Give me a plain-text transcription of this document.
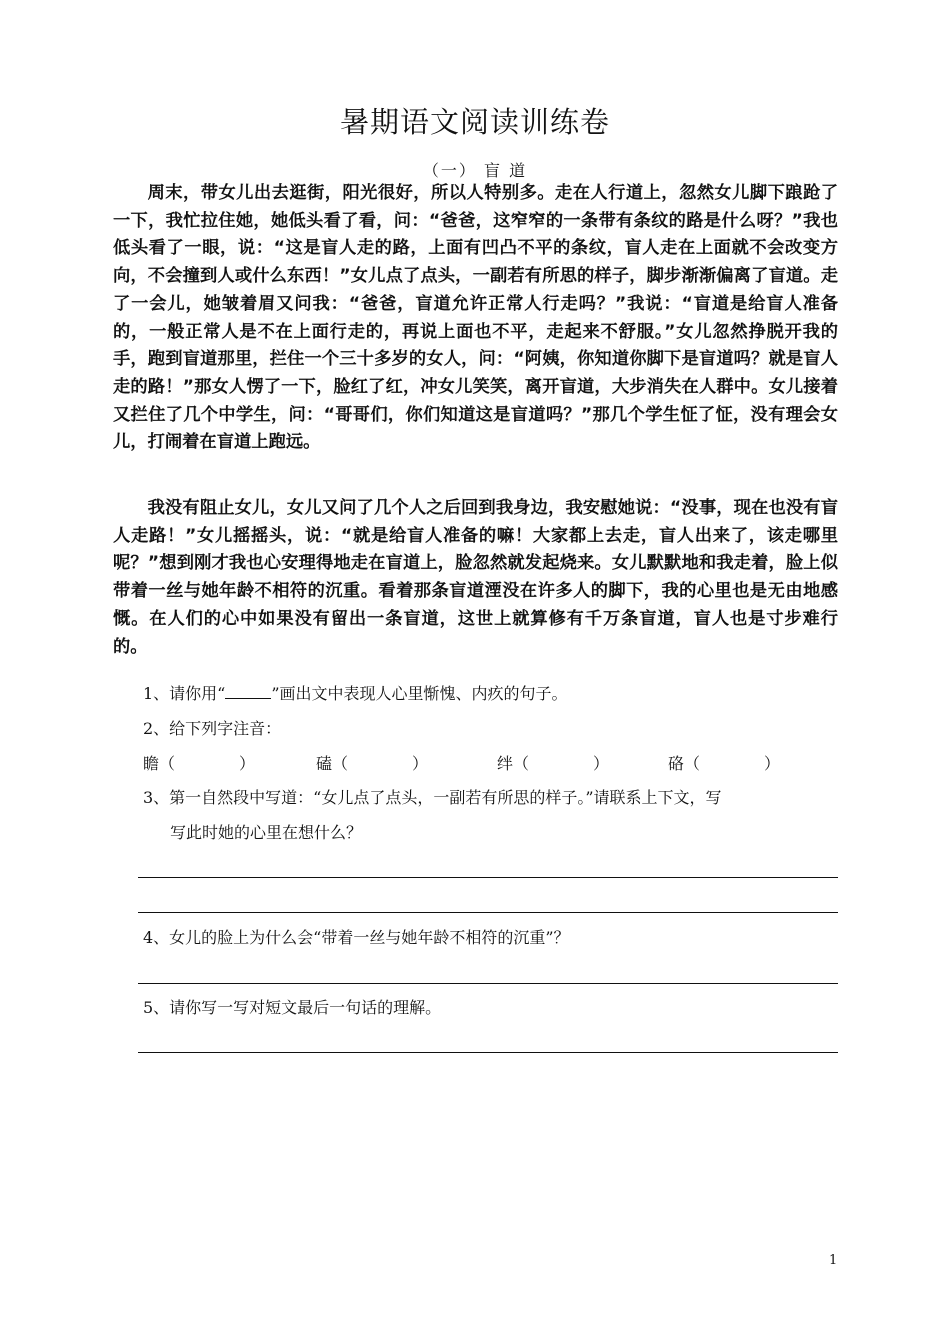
暑期语文阅读训练卷
（一） 盲 道

周末，带女儿出去逛街，阳光很好，所以人特别多。走在人行道上，忽然女儿脚下踉跄了一下，我忙拉住她，她低头看了看，问：“爸爸，这窄窄的一条带有条纹的路是什么呀？”我也低头看了一眼，说：“这是盲人走的路，上面有凹凸不平的条纹，盲人走在上面就不会改变方向，不会撞到人或什么东西！”女儿点了点头，一副若有所思的样子，脚步渐渐偏离了盲道。走了一会儿，她皱着眉又问我：“爸爸，盲道允许正常人行走吗？”我说：“盲道是给盲人准备的，一般正常人是不在上面行走的，再说上面也不平，走起来不舒服。”女儿忽然挣脱开我的手，跑到盲道那里，拦住一个三十多岁的女人，问：“阿姨，你知道你脚下是盲道吗？就是盲人走的路！”那女人愣了一下，脸红了红，冲女儿笑笑，离开盲道，大步消失在人群中。女儿接着又拦住了几个中学生，问：“哥哥们，你们知道这是盲道吗？”那几个学生怔了怔，没有理会女儿，打闹着在盲道上跑远。

我没有阻止女儿，女儿又问了几个人之后回到我身边，我安慰她说：“没事，现在也没有盲人走路！”女儿摇摇头，说：“就是给盲人准备的嘛！大家都上去走，盲人出来了，该走哪里呢？”想到刚才我也心安理得地走在盲道上，脸忽然就发起烧来。女儿默默地和我走着，脸上似带着一丝与她年龄不相符的沉重。看着那条盲道湮没在许多人的脚下，我的心里也是无由地感慨。在人们的心中如果没有留出一条盲道，这世上就算修有千万条盲道，盲人也是寸步难行的。

1、请你用“	”画出文中表现人心里惭愧、内疚的句子。

2、给下列字注音：

瞻（　　　　）	磕（　　　　）	绊（　　　　）	硌（　　　　）

3、第一自然段中写道：“女儿点了点头，一副若有所思的样子。”请联系上下文，写
写此时她的心里在想什么？

4、女儿的脸上为什么会“带着一丝与她年龄不相符的沉重”？

5、请你写一写对短文最后一句话的理解。

1
